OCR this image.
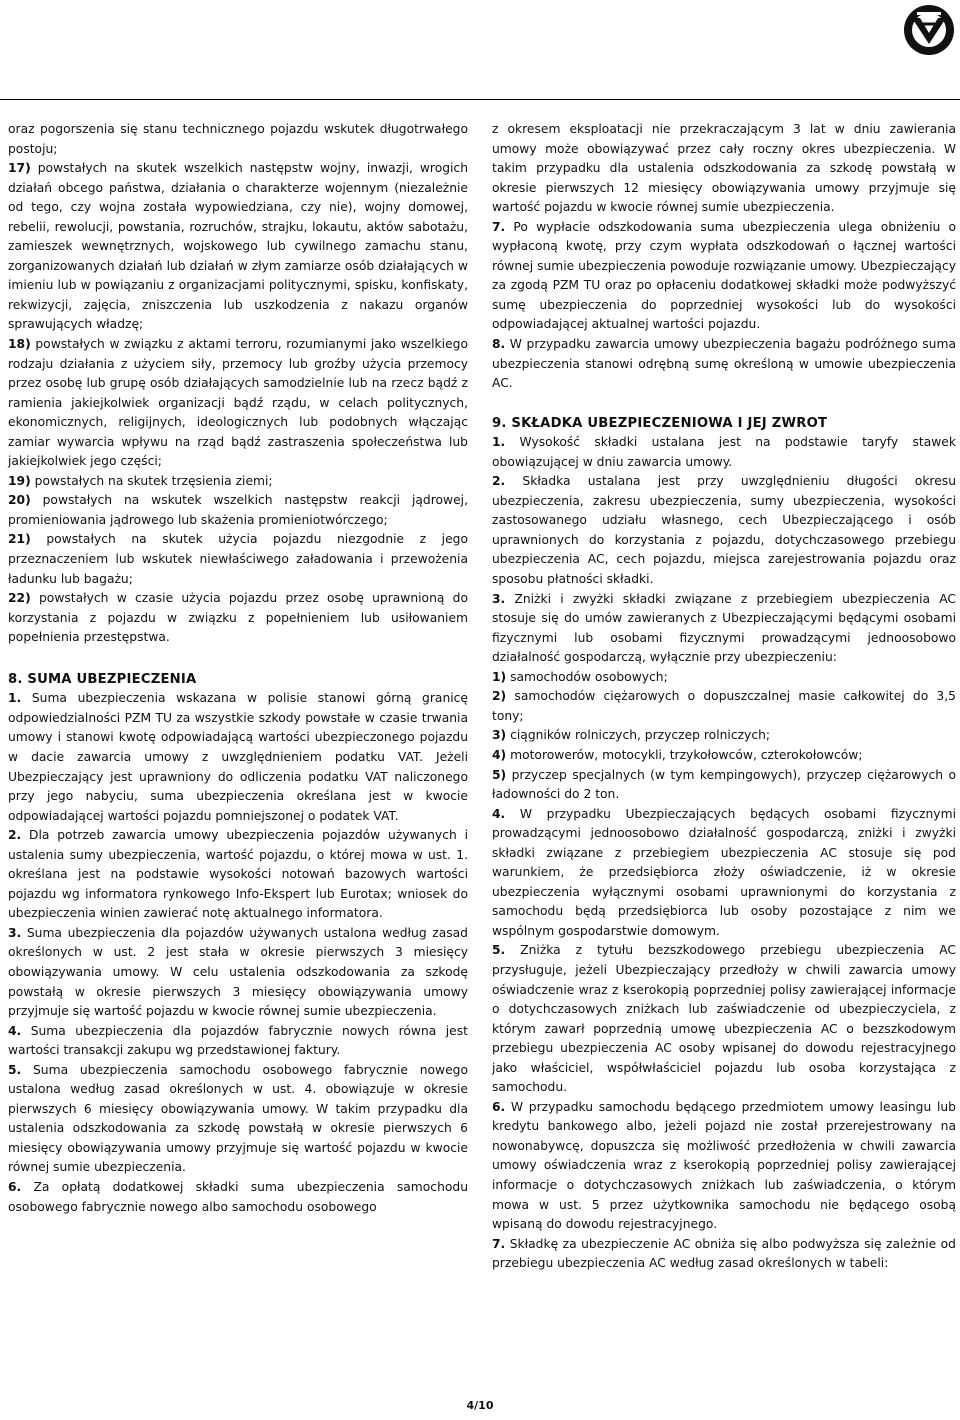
oraz pogorszenia się stanu technicznego pojazdu wskutek długotrwałego postoju;

17) powstałych na skutek wszelkich następstw wojny, inwazji, wrogich działań obcego państwa, działania o charakterze wojennym (niezależnie od tego, czy wojna została wypowiedziana, czy nie), wojny domowej, rebelii, rewolucji, powstania, rozruchów, strajku, lokautu, aktów sabotażu, zamieszek wewnętrznych, wojskowego lub cywilnego zamachu stanu, zorganizowanych działań lub działań w złym zamiarze osób działających w imieniu lub w powiązaniu z organizacjami politycznymi, spisku, konfiskaty, rekwizycji, zajęcia, zniszczenia lub uszkodzenia z nakazu organów sprawujących władzę;

18) powstałych w związku z aktami terroru, rozumianymi jako wszelkiego rodzaju działania z użyciem siły, przemocy lub groźby użycia przemocy przez osobę lub grupę osób działających samodzielnie lub na rzecz bądź z ramienia jakiejkolwiek organizacji bądź rządu, w celach politycznych, ekonomicznych, religijnych, ideologicznych lub podobnych włączając zamiar wywarcia wpływu na rząd bądź zastraszenia społeczeństwa lub jakiejkolwiek jego części;

19) powstałych na skutek trzęsienia ziemi;

20) powstałych na wskutek wszelkich następstw reakcji jądrowej, promieniowania jądrowego lub skażenia promieniotwórczego;

21) powstałych na skutek użycia pojazdu niezgodnie z jego przeznaczeniem lub wskutek niewłaściwego załadowania i przewożenia ładunku lub bagażu;

22) powstałych w czasie użycia pojazdu przez osobę uprawnioną do korzystania z pojazdu w związku z popełnieniem lub usiłowaniem popełnienia przestępstwa.

8. SUMA UBEZPIECZENIA

1. Suma ubezpieczenia wskazana w polisie stanowi górną granicę odpowiedzialności PZM TU za wszystkie szkody powstałe w czasie trwania umowy i stanowi kwotę odpowiadającą wartości ubezpieczonego pojazdu w dacie zawarcia umowy z uwzględnieniem podatku VAT. Jeżeli Ubezpieczający jest uprawniony do odliczenia podatku VAT naliczonego przy jego nabyciu, suma ubezpieczenia określana jest w kwocie odpowiadającej wartości pojazdu pomniejszonej o podatek VAT.

2. Dla potrzeb zawarcia umowy ubezpieczenia pojazdów używanych i ustalenia sumy ubezpieczenia, wartość pojazdu, o której mowa w ust. 1. określana jest na podstawie wysokości notowań bazowych wartości pojazdu wg informatora rynkowego Info-Ekspert lub Eurotax; wniosek do ubezpieczenia winien zawierać notę aktualnego informatora.

3. Suma ubezpieczenia dla pojazdów używanych ustalona według zasad określonych w ust. 2 jest stała w okresie pierwszych 3 miesięcy obowiązywania umowy. W celu ustalenia odszkodowania za szkodę powstałą w okresie pierwszych 3 miesięcy obowiązywania umowy przyjmuje się wartość pojazdu w kwocie równej sumie ubezpieczenia.

4. Suma ubezpieczenia dla pojazdów fabrycznie nowych równa jest wartości transakcji zakupu wg przedstawionej faktury.

5. Suma ubezpieczenia samochodu osobowego fabrycznie nowego ustalona według zasad określonych w ust. 4. obowiązuje w okresie pierwszych 6 miesięcy obowiązywania umowy. W takim przypadku dla ustalenia odszkodowania za szkodę powstałą w okresie pierwszych 6 miesięcy obowiązywania umowy przyjmuje się wartość pojazdu w kwocie równej sumie ubezpieczenia.

6. Za opłatą dodatkowej składki suma ubezpieczenia samochodu osobowego fabrycznie nowego albo samochodu osobowego

z okresem eksploatacji nie przekraczającym 3 lat w dniu zawierania umowy może obowiązywać przez cały roczny okres ubezpieczenia. W takim przypadku dla ustalenia odszkodowania za szkodę powstałą w okresie pierwszych 12 miesięcy obowiązywania umowy przyjmuje się wartość pojazdu w kwocie równej sumie ubezpieczenia.

7. Po wypłacie odszkodowania suma ubezpieczenia ulega obniżeniu o wypłaconą kwotę, przy czym wypłata odszkodowań o łącznej wartości równej sumie ubezpieczenia powoduje rozwiązanie umowy. Ubezpieczający za zgodą PZM TU oraz po opłaceniu dodatkowej składki może podwyższyć sumę ubezpieczenia do poprzedniej wysokości lub do wysokości odpowiadającej aktualnej wartości pojazdu.

8. W przypadku zawarcia umowy ubezpieczenia bagażu podróżnego suma ubezpieczenia stanowi odrębną sumę określoną w umowie ubezpieczenia AC.

9. SKŁADKA UBEZPIECZENIOWA I JEJ ZWROT

1. Wysokość składki ustalana jest na podstawie taryfy stawek obowiązującej w dniu zawarcia umowy.

2. Składka ustalana jest przy uwzględnieniu długości okresu ubezpieczenia, zakresu ubezpieczenia, sumy ubezpieczenia, wysokości zastosowanego udziału własnego, cech Ubezpieczającego i osób uprawnionych do korzystania z pojazdu, dotychczasowego przebiegu ubezpieczenia AC, cech pojazdu, miejsca zarejestrowania pojazdu oraz sposobu płatności składki.

3. Zniżki i zwyżki składki związane z przebiegiem ubezpieczenia AC stosuje się do umów zawieranych z Ubezpieczającymi będącymi osobami fizycznymi lub osobami fizycznymi prowadzącymi jednoosobowo działalność gospodarczą, wyłącznie przy ubezpieczeniu:

1) samochodów osobowych;

2) samochodów ciężarowych o dopuszczalnej masie całkowitej do 3,5 tony;

3) ciągników rolniczych, przyczep rolniczych;

4) motorowerów, motocykli, trzykołowców, czterokołowców;

5) przyczep specjalnych (w tym kempingowych), przyczep ciężarowych o ładowności do 2 ton.

4. W przypadku Ubezpieczających będących osobami fizycznymi prowadzącymi jednoosobowo działalność gospodarczą, zniżki i zwyżki składki związane z przebiegiem ubezpieczenia AC stosuje się pod warunkiem, że przedsiębiorca złoży oświadczenie, iż w okresie ubezpieczenia wyłącznymi osobami uprawnionymi do korzystania z samochodu będą przedsiębiorca lub osoby pozostające z nim we wspólnym gospodarstwie domowym.

5. Zniżka z tytułu bezszkodowego przebiegu ubezpieczenia AC przysługuje, jeżeli Ubezpieczający przedłoży w chwili zawarcia umowy oświadczenie wraz z kserokopią poprzedniej polisy zawierającej informacje o dotychczasowych zniżkach lub zaświadczenie od ubezpieczyciela, z którym zawarł poprzednią umowę ubezpieczenia AC o bezszkodowym przebiegu ubezpieczenia AC osoby wpisanej do dowodu rejestracyjnego jako właściciel, współwłaściciel pojazdu lub osoba korzystająca z samochodu.

6. W przypadku samochodu będącego przedmiotem umowy leasingu lub kredytu bankowego albo, jeżeli pojazd nie został przerejestrowany na nowonabywcę, dopuszcza się możliwość przedłożenia w chwili zawarcia umowy oświadczenia wraz z kserokopią poprzedniej polisy zawierającej informacje o dotychczasowych zniżkach lub zaświadczenia, o którym mowa w ust. 5 przez użytkownika samochodu nie będącego osobą wpisaną do dowodu rejestracyjnego.

7. Składkę za ubezpieczenie AC obniża się albo podwyższa się zależnie od przebiegu ubezpieczenia AC według zasad określonych w tabeli:

4/10
